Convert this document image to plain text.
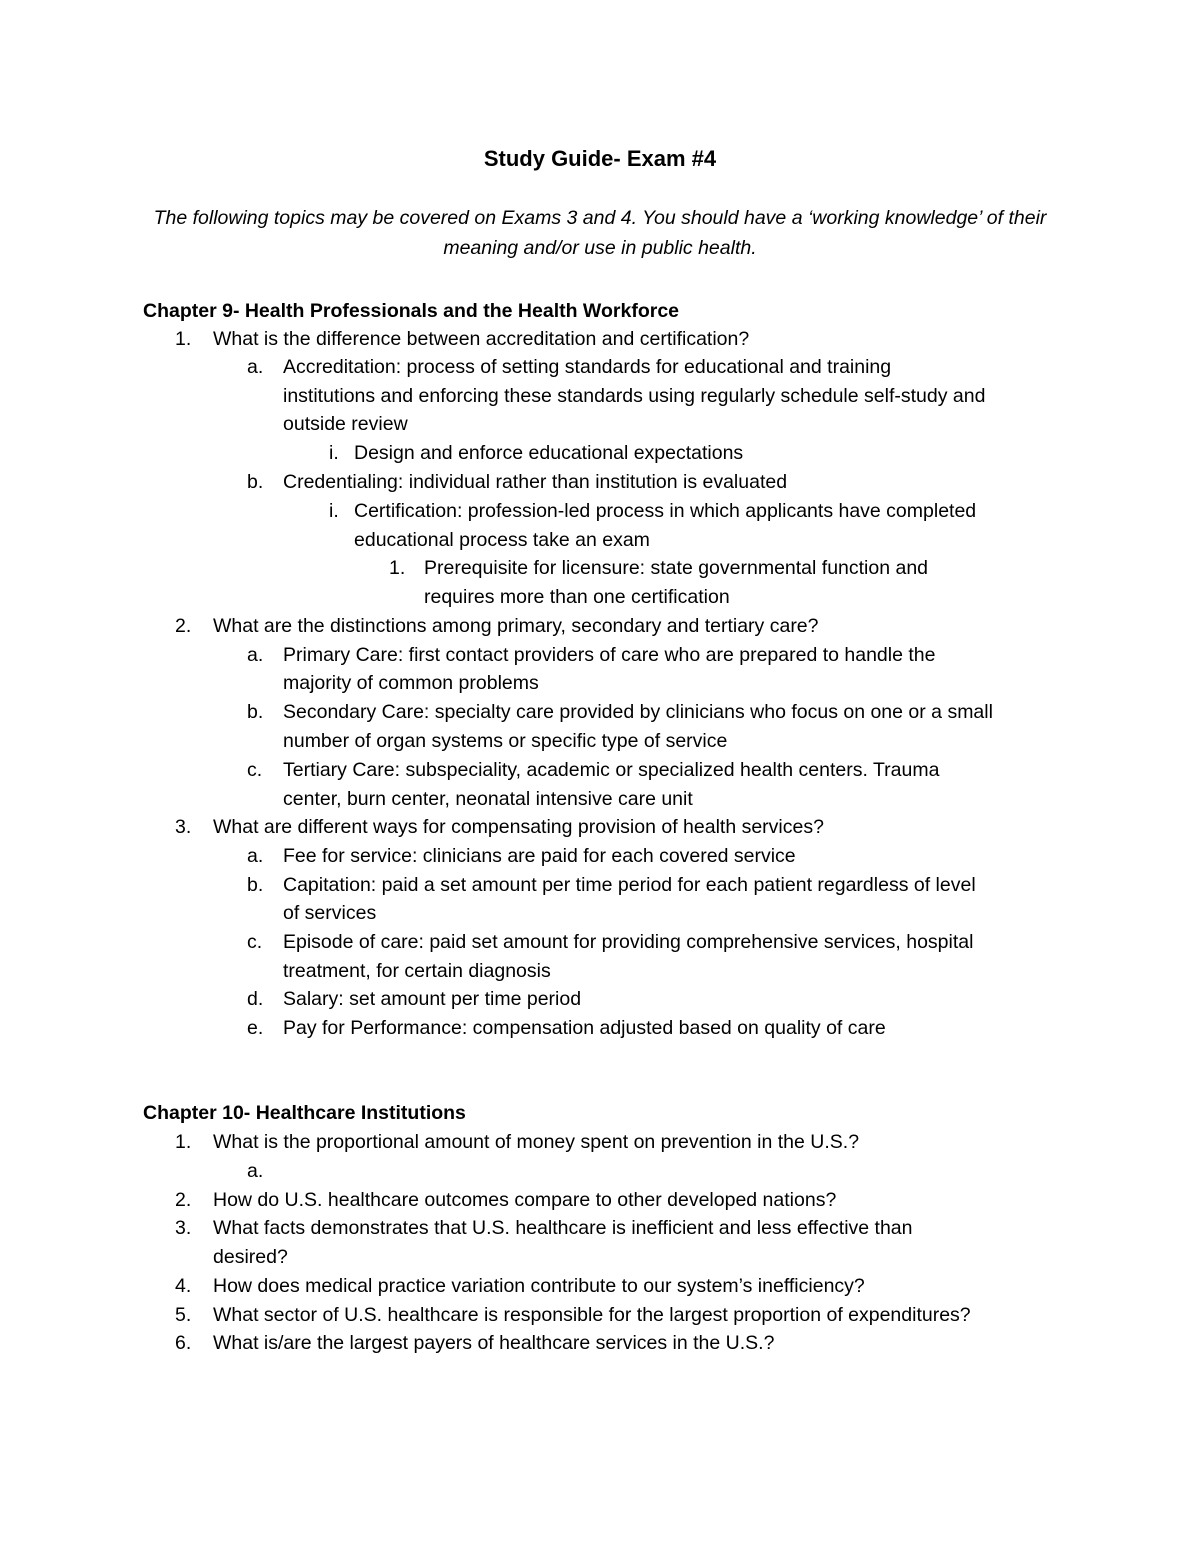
Study Guide- Exam #4
The following topics may be covered on Exams 3 and 4. You should have a ‘working knowledge’ of their meaning and/or use in public health.
Chapter 9- Health Professionals and the Health Workforce
1. What is the difference between accreditation and certification?
a. Accreditation: process of setting standards for educational and training
institutions and enforcing these standards using regularly schedule self-study and
outside review
i. Design and enforce educational expectations
b. Credentialing: individual rather than institution is evaluated
i. Certification: profession-led process in which applicants have completed
educational process take an exam
1. Prerequisite for licensure: state governmental function and
requires more than one certification
2. What are the distinctions among primary, secondary and tertiary care?
a. Primary Care: first contact providers of care who are prepared to handle the
majority of common problems
b. Secondary Care: specialty care provided by clinicians who focus on one or a small
number of organ systems or specific type of service
c. Tertiary Care: subspeciality, academic or specialized health centers. Trauma
center, burn center, neonatal intensive care unit
3. What are different ways for compensating provision of health services?
a. Fee for service: clinicians are paid for each covered service
b. Capitation: paid a set amount per time period for each patient regardless of level
of services
c. Episode of care: paid set amount for providing comprehensive services, hospital
treatment, for certain diagnosis
d. Salary: set amount per time period
e. Pay for Performance: compensation adjusted based on quality of care
Chapter 10- Healthcare Institutions
1. What is the proportional amount of money spent on prevention in the U.S.?
a.
2. How do U.S. healthcare outcomes compare to other developed nations?
3. What facts demonstrates that U.S. healthcare is inefficient and less effective than
desired?
4. How does medical practice variation contribute to our system’s inefficiency?
5. What sector of U.S. healthcare is responsible for the largest proportion of expenditures?
6. What is/are the largest payers of healthcare services in the U.S.?
